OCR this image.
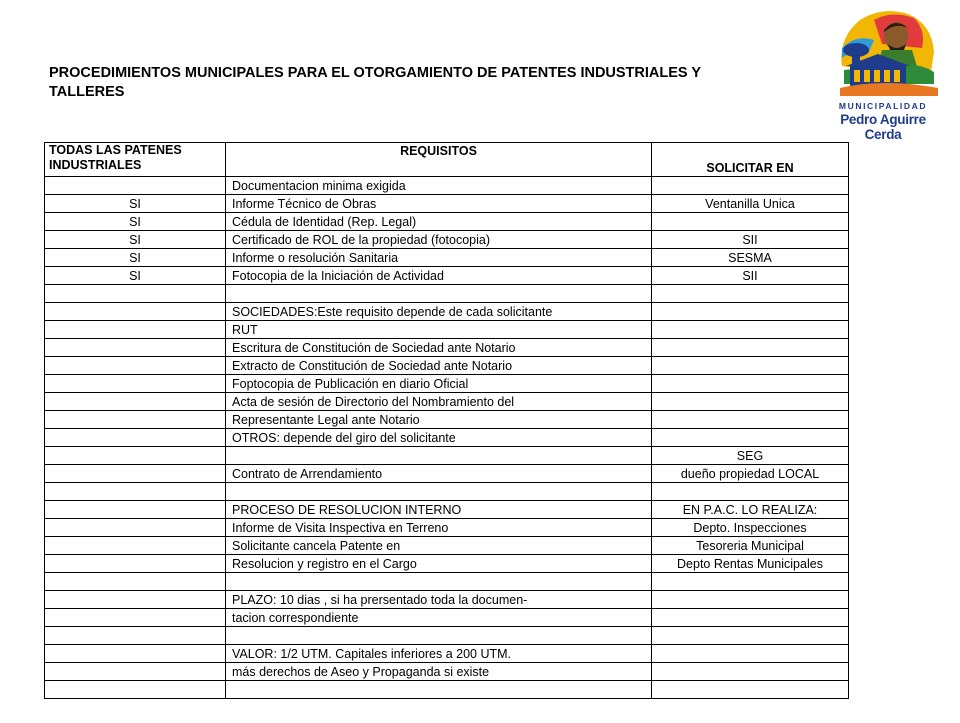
PROCEDIMIENTOS MUNICIPALES PARA EL OTORGAMIENTO DE PATENTES INDUSTRIALES Y
TALLERES
MUNICIPALIDAD
Pedro Aguirre Cerda
TODAS LAS PATENES INDUSTRIALES	REQUISITOS	SOLICITAR EN
	Documentacion minima exigida	
SI	Informe Técnico de Obras	Ventanilla Unica
SI	Cédula de Identidad (Rep. Legal)	
SI	Certificado de ROL de la propiedad (fotocopia)	SII
SI	Informe o resolución Sanitaria	SESMA
SI	Fotocopia de la Iniciación de Actividad	SII

	SOCIEDADES:Este requisito depende de cada solicitante	
	RUT	
	Escritura de Constitución de Sociedad ante Notario	
	Extracto de Constitución de Sociedad ante Notario	
	Foptocopia de Publicación en diario Oficial	
	Acta de sesión de Directorio del Nombramiento del	
	Representante Legal ante Notario	
	OTROS: depende del giro del solicitante	
		SEG
	Contrato de Arrendamiento	dueño propiedad LOCAL

	PROCESO DE RESOLUCION INTERNO	EN P.A.C. LO REALIZA:
	Informe de Visita Inspectiva en Terreno	Depto. Inspecciones
	Solicitante cancela Patente en	Tesoreria Municipal
	Resolucion y registro en el Cargo	Depto Rentas Municipales

	PLAZO: 10 dias , si ha prersentado toda la documen-	
	tacion correspondiente	

	VALOR: 1/2 UTM. Capitales inferiores a 200 UTM.	
	más derechos de Aseo y Propaganda si existe	
